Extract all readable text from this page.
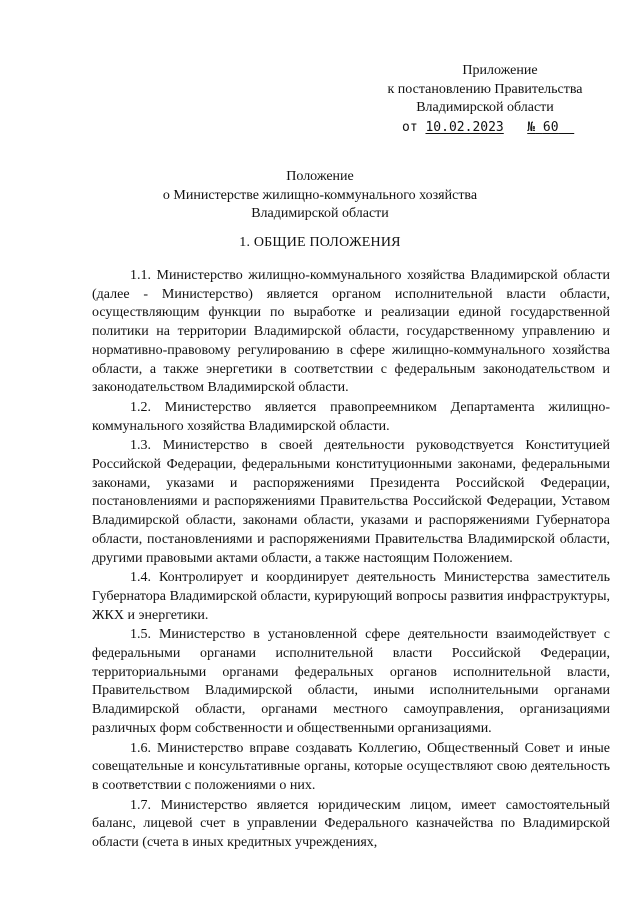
Приложение
к постановлению Правительства
Владимирской области
от 10.02.2023 № 60
Положение
о Министерстве жилищно-коммунального хозяйства
Владимирской области
1. ОБЩИЕ ПОЛОЖЕНИЯ

1.1. Министерство жилищно-коммунального хозяйства Владимирской области (далее - Министерство) является органом исполнительной власти области, осуществляющим функции по выработке и реализации единой государственной политики на территории Владимирской области, государственному управлению и нормативно-правовому регулированию в сфере жилищно-коммунального хозяйства области, а также энергетики в соответствии с федеральным законодательством и законодательством Владимирской области.

1.2. Министерство является правопреемником Департамента жилищно-коммунального хозяйства Владимирской области.

1.3. Министерство в своей деятельности руководствуется Конституцией Российской Федерации, федеральными конституционными законами, федеральными законами, указами и распоряжениями Президента Российской Федерации, постановлениями и распоряжениями Правительства Российской Федерации, Уставом Владимирской области, законами области, указами и распоряжениями Губернатора области, постановлениями и распоряжениями Правительства Владимирской области, другими правовыми актами области, а также настоящим Положением.

1.4. Контролирует и координирует деятельность Министерства заместитель Губернатора Владимирской области, курирующий вопросы развития инфраструктуры, ЖКХ и энергетики.

1.5. Министерство в установленной сфере деятельности взаимодействует с федеральными органами исполнительной власти Российской Федерации, территориальными органами федеральных органов исполнительной власти, Правительством Владимирской области, иными исполнительными органами Владимирской области, органами местного самоуправления, организациями различных форм собственности и общественными организациями.

1.6. Министерство вправе создавать Коллегию, Общественный Совет и иные совещательные и консультативные органы, которые осуществляют свою деятельность в соответствии с положениями о них.

1.7. Министерство является юридическим лицом, имеет самостоятельный баланс, лицевой счет в управлении Федерального казначейства по Владимирской области (счета в иных кредитных учреждениях,
